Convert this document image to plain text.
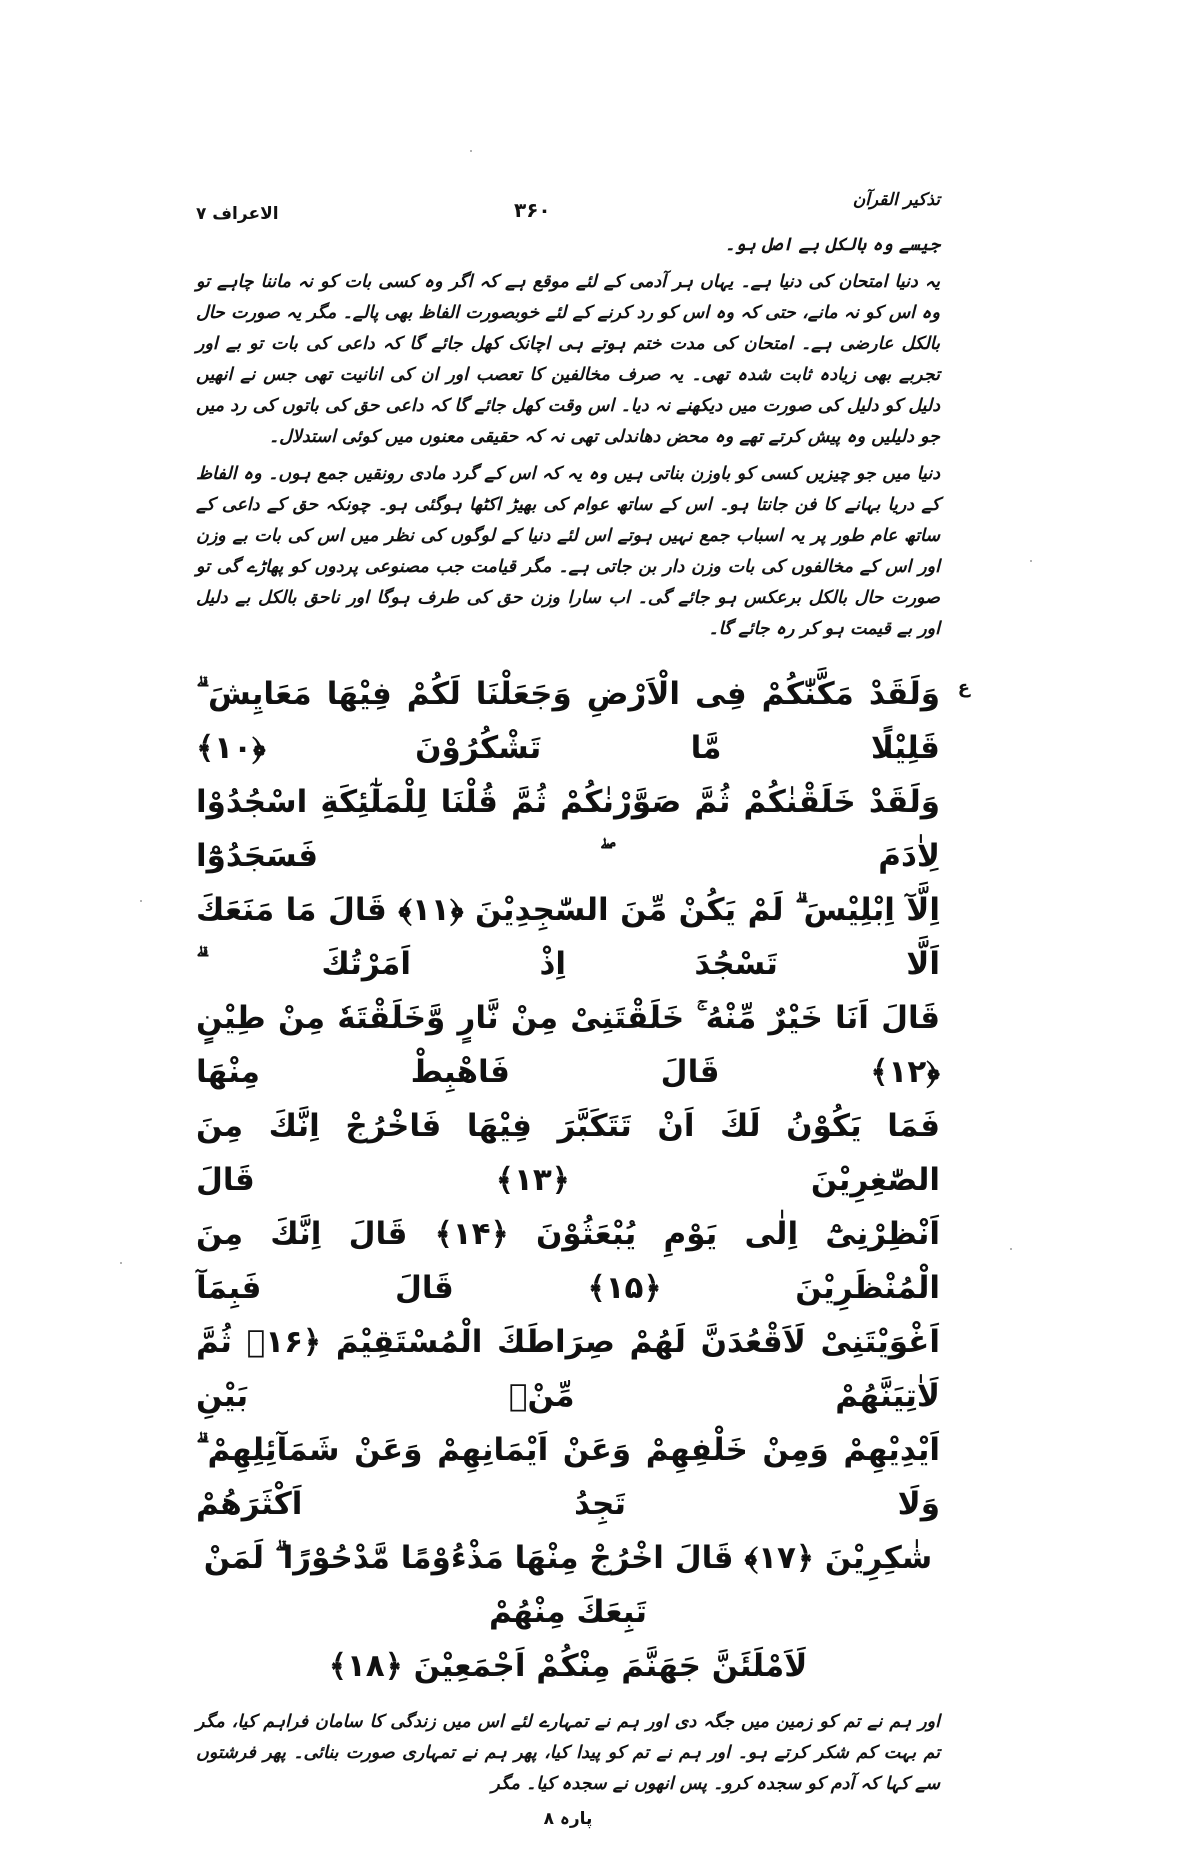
الاعراف ۷	۳۶۰	تذکیر القرآن
جیسے وہ بالکل بے اصل ہو۔
یہ دنیا امتحان کی دنیا ہے۔ یہاں ہر آدمی کے لئے موقع ہے کہ اگر وہ کسی بات کو نہ ماننا چاہے تو وہ اس کو نہ مانے، حتی کہ وہ اس کو رد کرنے کے لئے خوبصورت الفاظ بھی پالے۔ مگر یہ صورت حال بالکل عارضی ہے۔ امتحان کی مدت ختم ہوتے ہی اچانک کھل جائے گا کہ داعی کی بات تو بے اور تجربے بھی زیادہ ثابت شدہ تھی۔ یہ صرف مخالفین کا تعصب اور ان کی انانیت تھی جس نے انھیں دلیل کو دلیل کی صورت میں دیکھنے نہ دیا۔ اس وقت کھل جائے گا کہ داعی حق کی باتوں کی رد میں جو دلیلیں وہ پیش کرتے تھے وہ محض دھاندلی تھی نہ کہ حقیقی معنوں میں کوئی استدلال۔
دنیا میں جو چیزیں کسی کو باوزن بناتی ہیں وہ یہ کہ اس کے گرد مادی رونقیں جمع ہوں۔ وہ الفاظ کے دریا بہانے کا فن جانتا ہو۔ اس کے ساتھ عوام کی بھیڑ اکٹھا ہوگئی ہو۔ چونکہ حق کے داعی کے ساتھ عام طور پر یہ اسباب جمع نہیں ہوتے اس لئے دنیا کے لوگوں کی نظر میں اس کی بات بے وزن اور اس کے مخالفوں کی بات وزن دار بن جاتی ہے۔ مگر قیامت جب مصنوعی پردوں کو پھاڑے گی تو صورت حال بالکل برعکس ہو جائے گی۔ اب سارا وزن حق کی طرف ہوگا اور ناحق بالکل بے دلیل اور بے قیمت ہو کر رہ جائے گا۔
ع
وَلَقَدْ مَكَّنّٰكُمْ فِى الْاَرْضِ وَجَعَلْنَا لَكُمْ فِيْهَا مَعَايِشَ ۗ قَلِيْلًا مَّا تَشْكُرُوْنَ ﴿۱۰﴾
وَلَقَدْ خَلَقْنٰكُمْ ثُمَّ صَوَّرْنٰكُمْ ثُمَّ قُلْنَا لِلْمَلٰٓئِكَةِ اسْجُدُوْا لِاٰدَمَ ۖ فَسَجَدُوْٓا
اِلَّآ اِبْلِيْسَ ۗ لَمْ يَكُنْ مِّنَ السّٰجِدِيْنَ ﴿۱۱﴾ قَالَ مَا مَنَعَكَ اَلَّا تَسْجُدَ اِذْ اَمَرْتُكَ ۗ
قَالَ اَنَا خَيْرٌ مِّنْهُ ۚ خَلَقْتَنِىْ مِنْ نَّارٍ وَّخَلَقْتَهٗ مِنْ طِيْنٍ ﴿۱۲﴾ قَالَ فَاهْبِطْ مِنْهَا
فَمَا يَكُوْنُ لَكَ اَنْ تَتَكَبَّرَ فِيْهَا فَاخْرُجْ اِنَّكَ مِنَ الصّٰغِرِيْنَ ﴿۱۳﴾ قَالَ
اَنْظِرْنِىْٓ اِلٰى يَوْمِ يُبْعَثُوْنَ ﴿۱۴﴾ قَالَ اِنَّكَ مِنَ الْمُنْظَرِيْنَ ﴿۱۵﴾ قَالَ فَبِمَآ
اَغْوَيْتَنِىْ لَاَقْعُدَنَّ لَهُمْ صِرَاطَكَ الْمُسْتَقِيْمَ ﴿۱۶﴾ ثُمَّ لَاٰتِيَنَّهُمْ مِّنْۢ بَيْنِ
اَيْدِيْهِمْ وَمِنْ خَلْفِهِمْ وَعَنْ اَيْمَانِهِمْ وَعَنْ شَمَآئِلِهِمْ ۗ وَلَا تَجِدُ اَكْثَرَهُمْ
شٰكِرِيْنَ ﴿۱۷﴾ قَالَ اخْرُجْ مِنْهَا مَذْءُوْمًا مَّدْحُوْرًا ۗ لَمَنْ تَبِعَكَ مِنْهُمْ
لَاَمْلَئَنَّ جَهَنَّمَ مِنْكُمْ اَجْمَعِيْنَ ﴿۱۸﴾
اور ہم نے تم کو زمین میں جگہ دی اور ہم نے تمہارے لئے اس میں زندگی کا سامان فراہم کیا، مگر تم بہت کم شکر کرتے ہو۔ اور ہم نے تم کو پیدا کیا، پھر ہم نے تمہاری صورت بنائی۔ پھر فرشتوں سے کہا کہ آدم کو سجدہ کرو۔ پس انھوں نے سجدہ کیا۔ مگر
پارہ ۸
